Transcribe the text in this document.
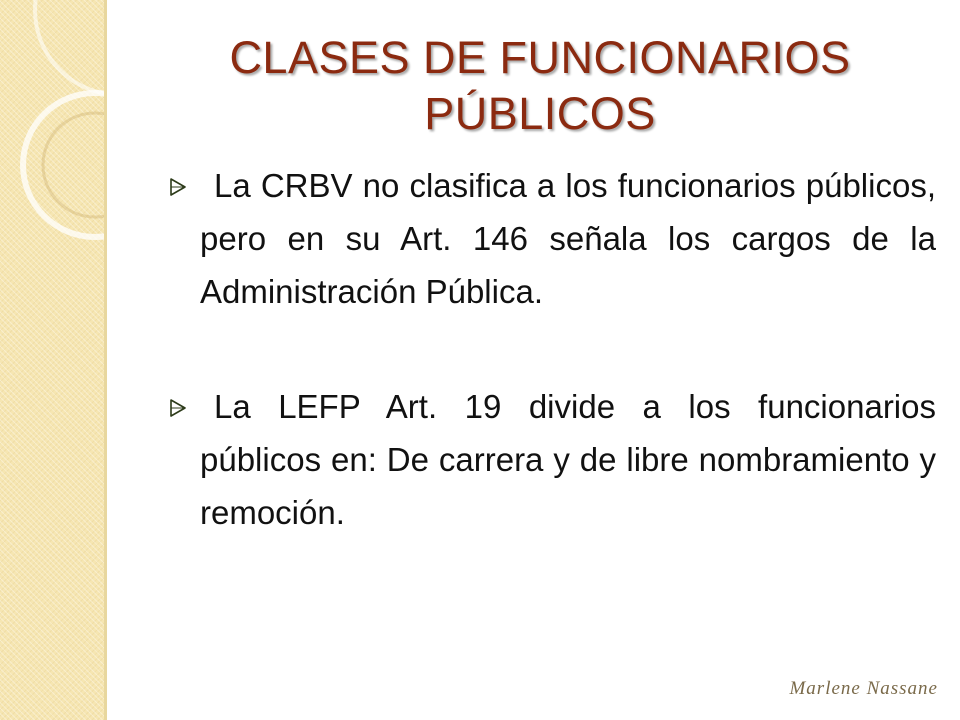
CLASES DE FUNCIONARIOS PÚBLICOS

La CRBV no clasifica a los funcionarios públicos, pero en su Art. 146 señala los cargos de la Administración Pública.

La LEFP Art. 19 divide a los funcionarios públicos en: De carrera y de libre nombramiento y remoción.

Marlene Nassane
